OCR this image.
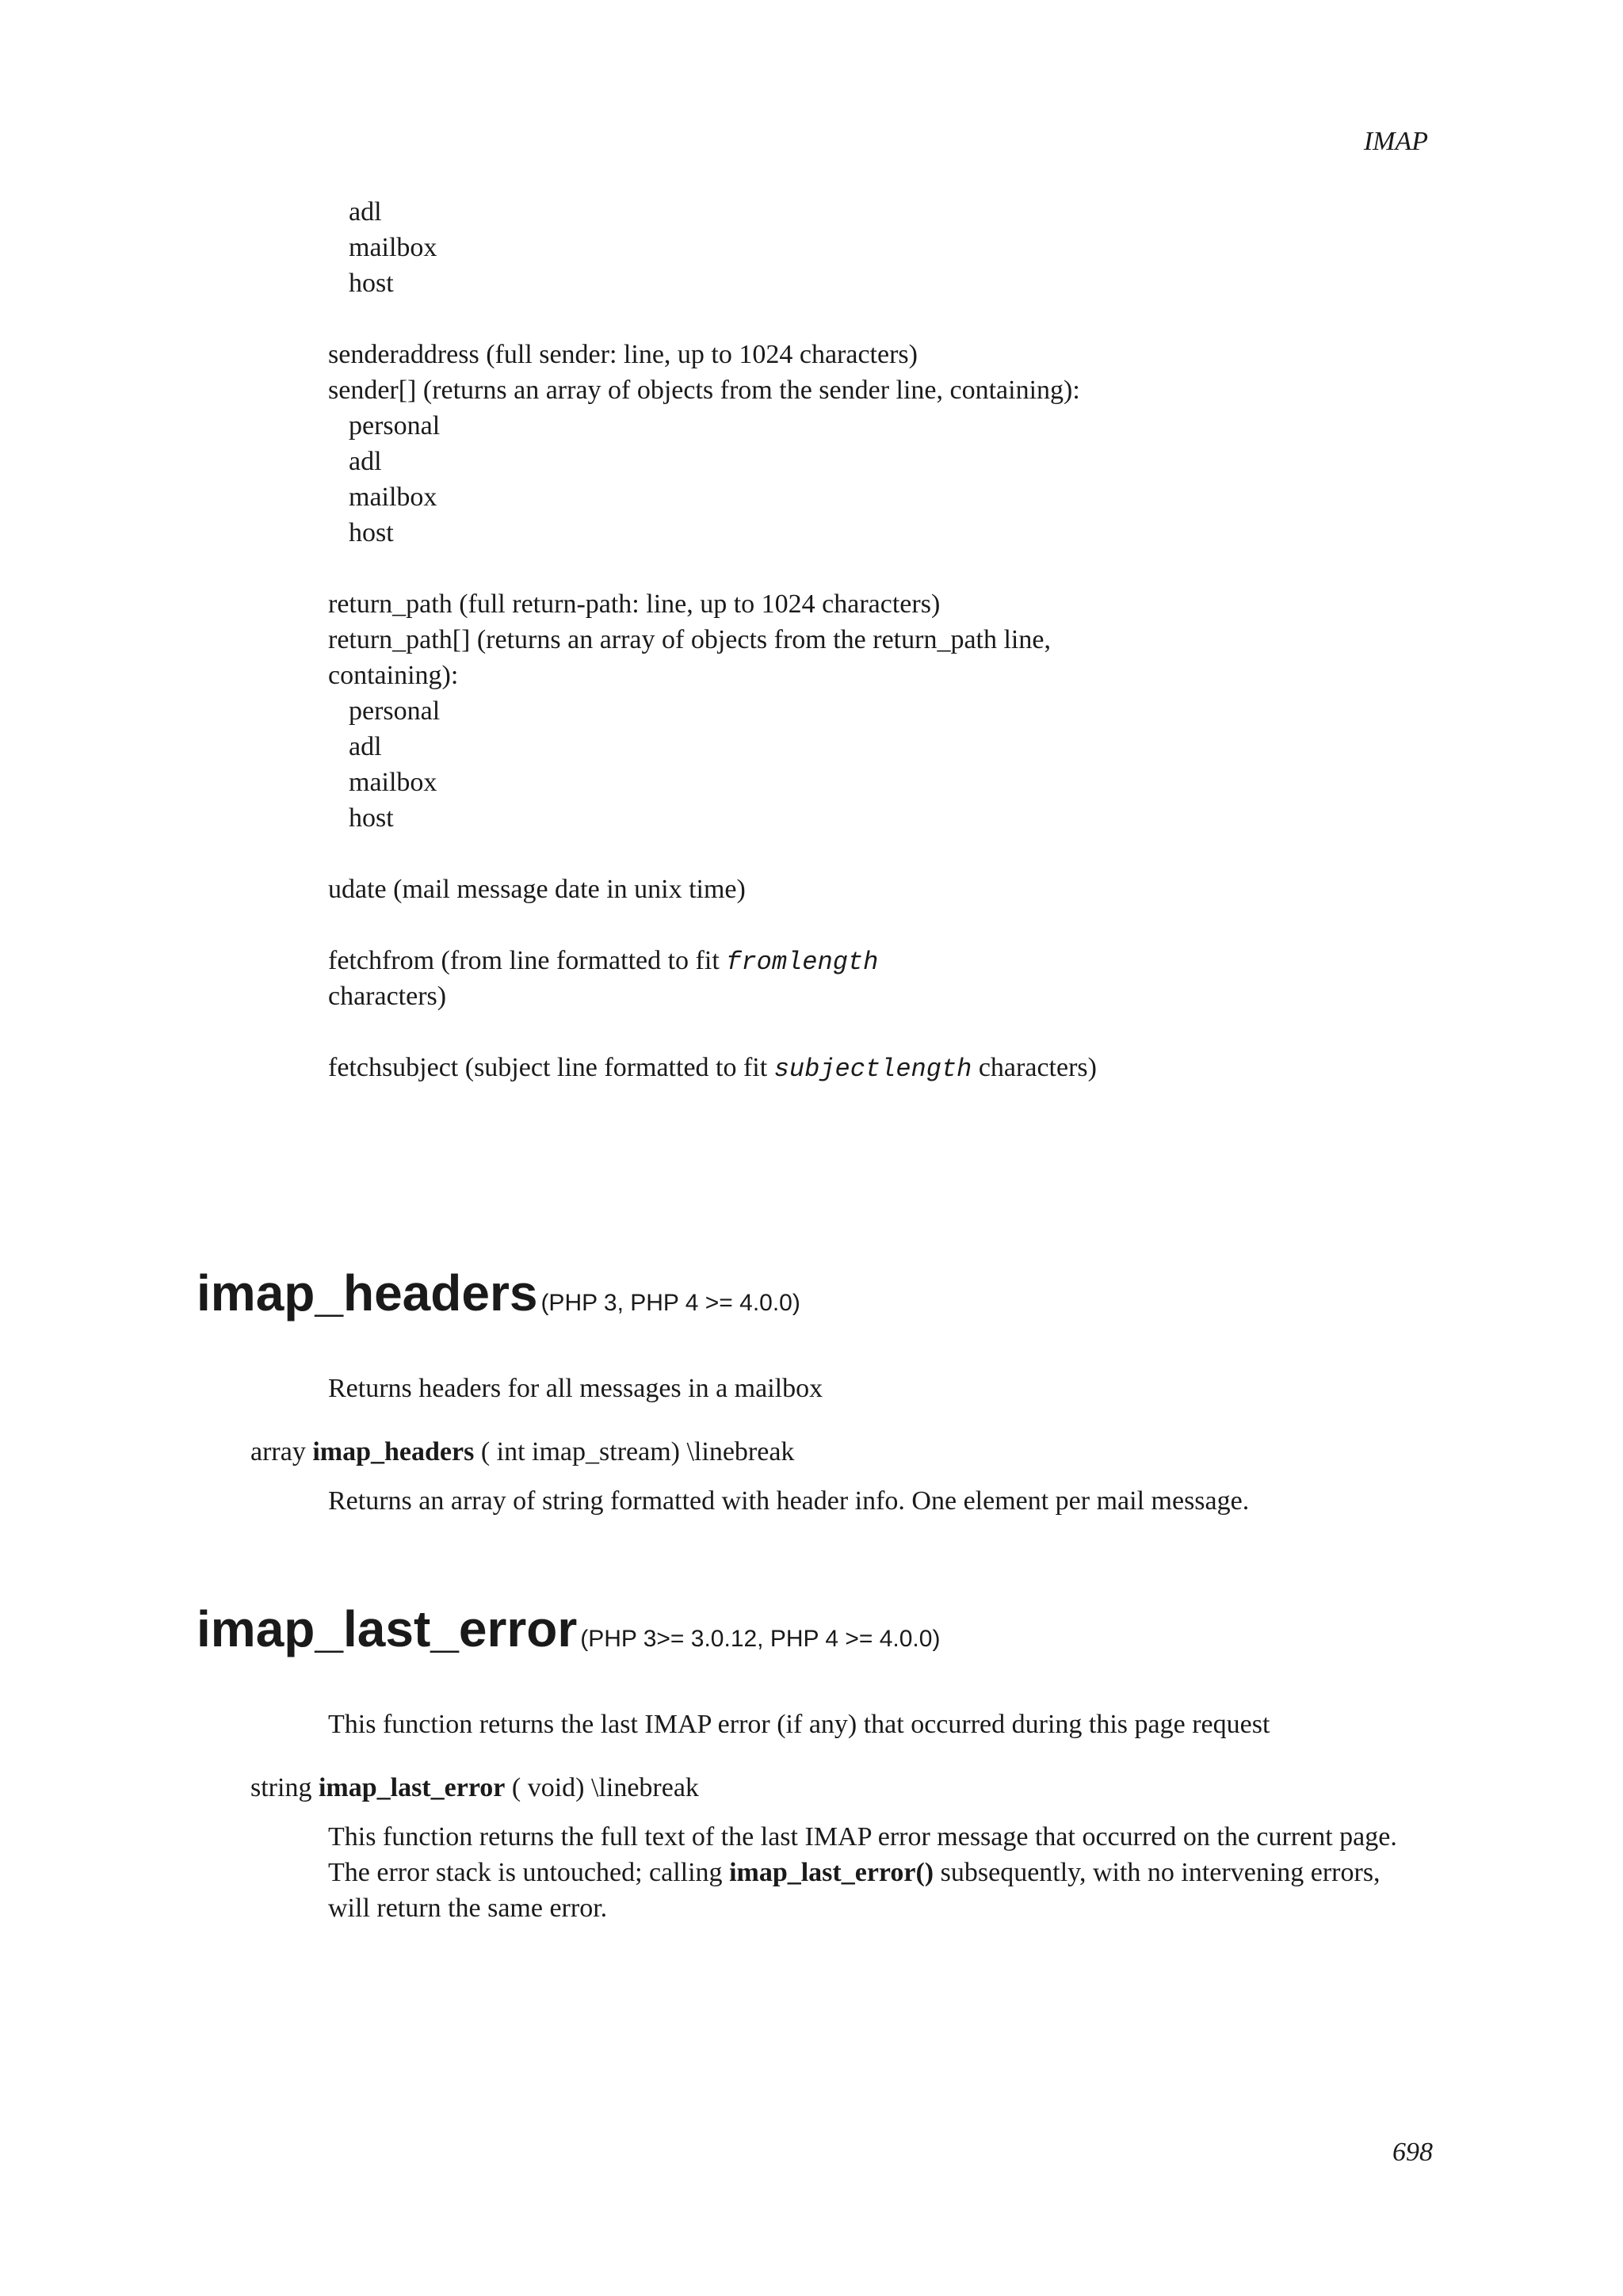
IMAP
adl
mailbox
host
senderaddress (full sender: line, up to 1024 characters)
sender[] (returns an array of objects from the sender line, containing):
personal
adl
mailbox
host
return_path (full return-path: line, up to 1024 characters)
return_path[] (returns an array of objects from the return_path line,
containing):
personal
adl
mailbox
host
udate (mail message date in unix time)
fetchfrom (from line formatted to fit fromlength
characters)
fetchsubject (subject line formatted to fit subjectlength characters)
imap_headers (PHP 3, PHP 4 >= 4.0.0)
Returns headers for all messages in a mailbox
array imap_headers ( int imap_stream) \linebreak
Returns an array of string formatted with header info. One element per mail message.
imap_last_error (PHP 3>= 3.0.12, PHP 4 >= 4.0.0)
This function returns the last IMAP error (if any) that occurred during this page request
string imap_last_error ( void) \linebreak
This function returns the full text of the last IMAP error message that occurred on the current page.
The error stack is untouched; calling imap_last_error() subsequently, with no intervening errors,
will return the same error.
698
